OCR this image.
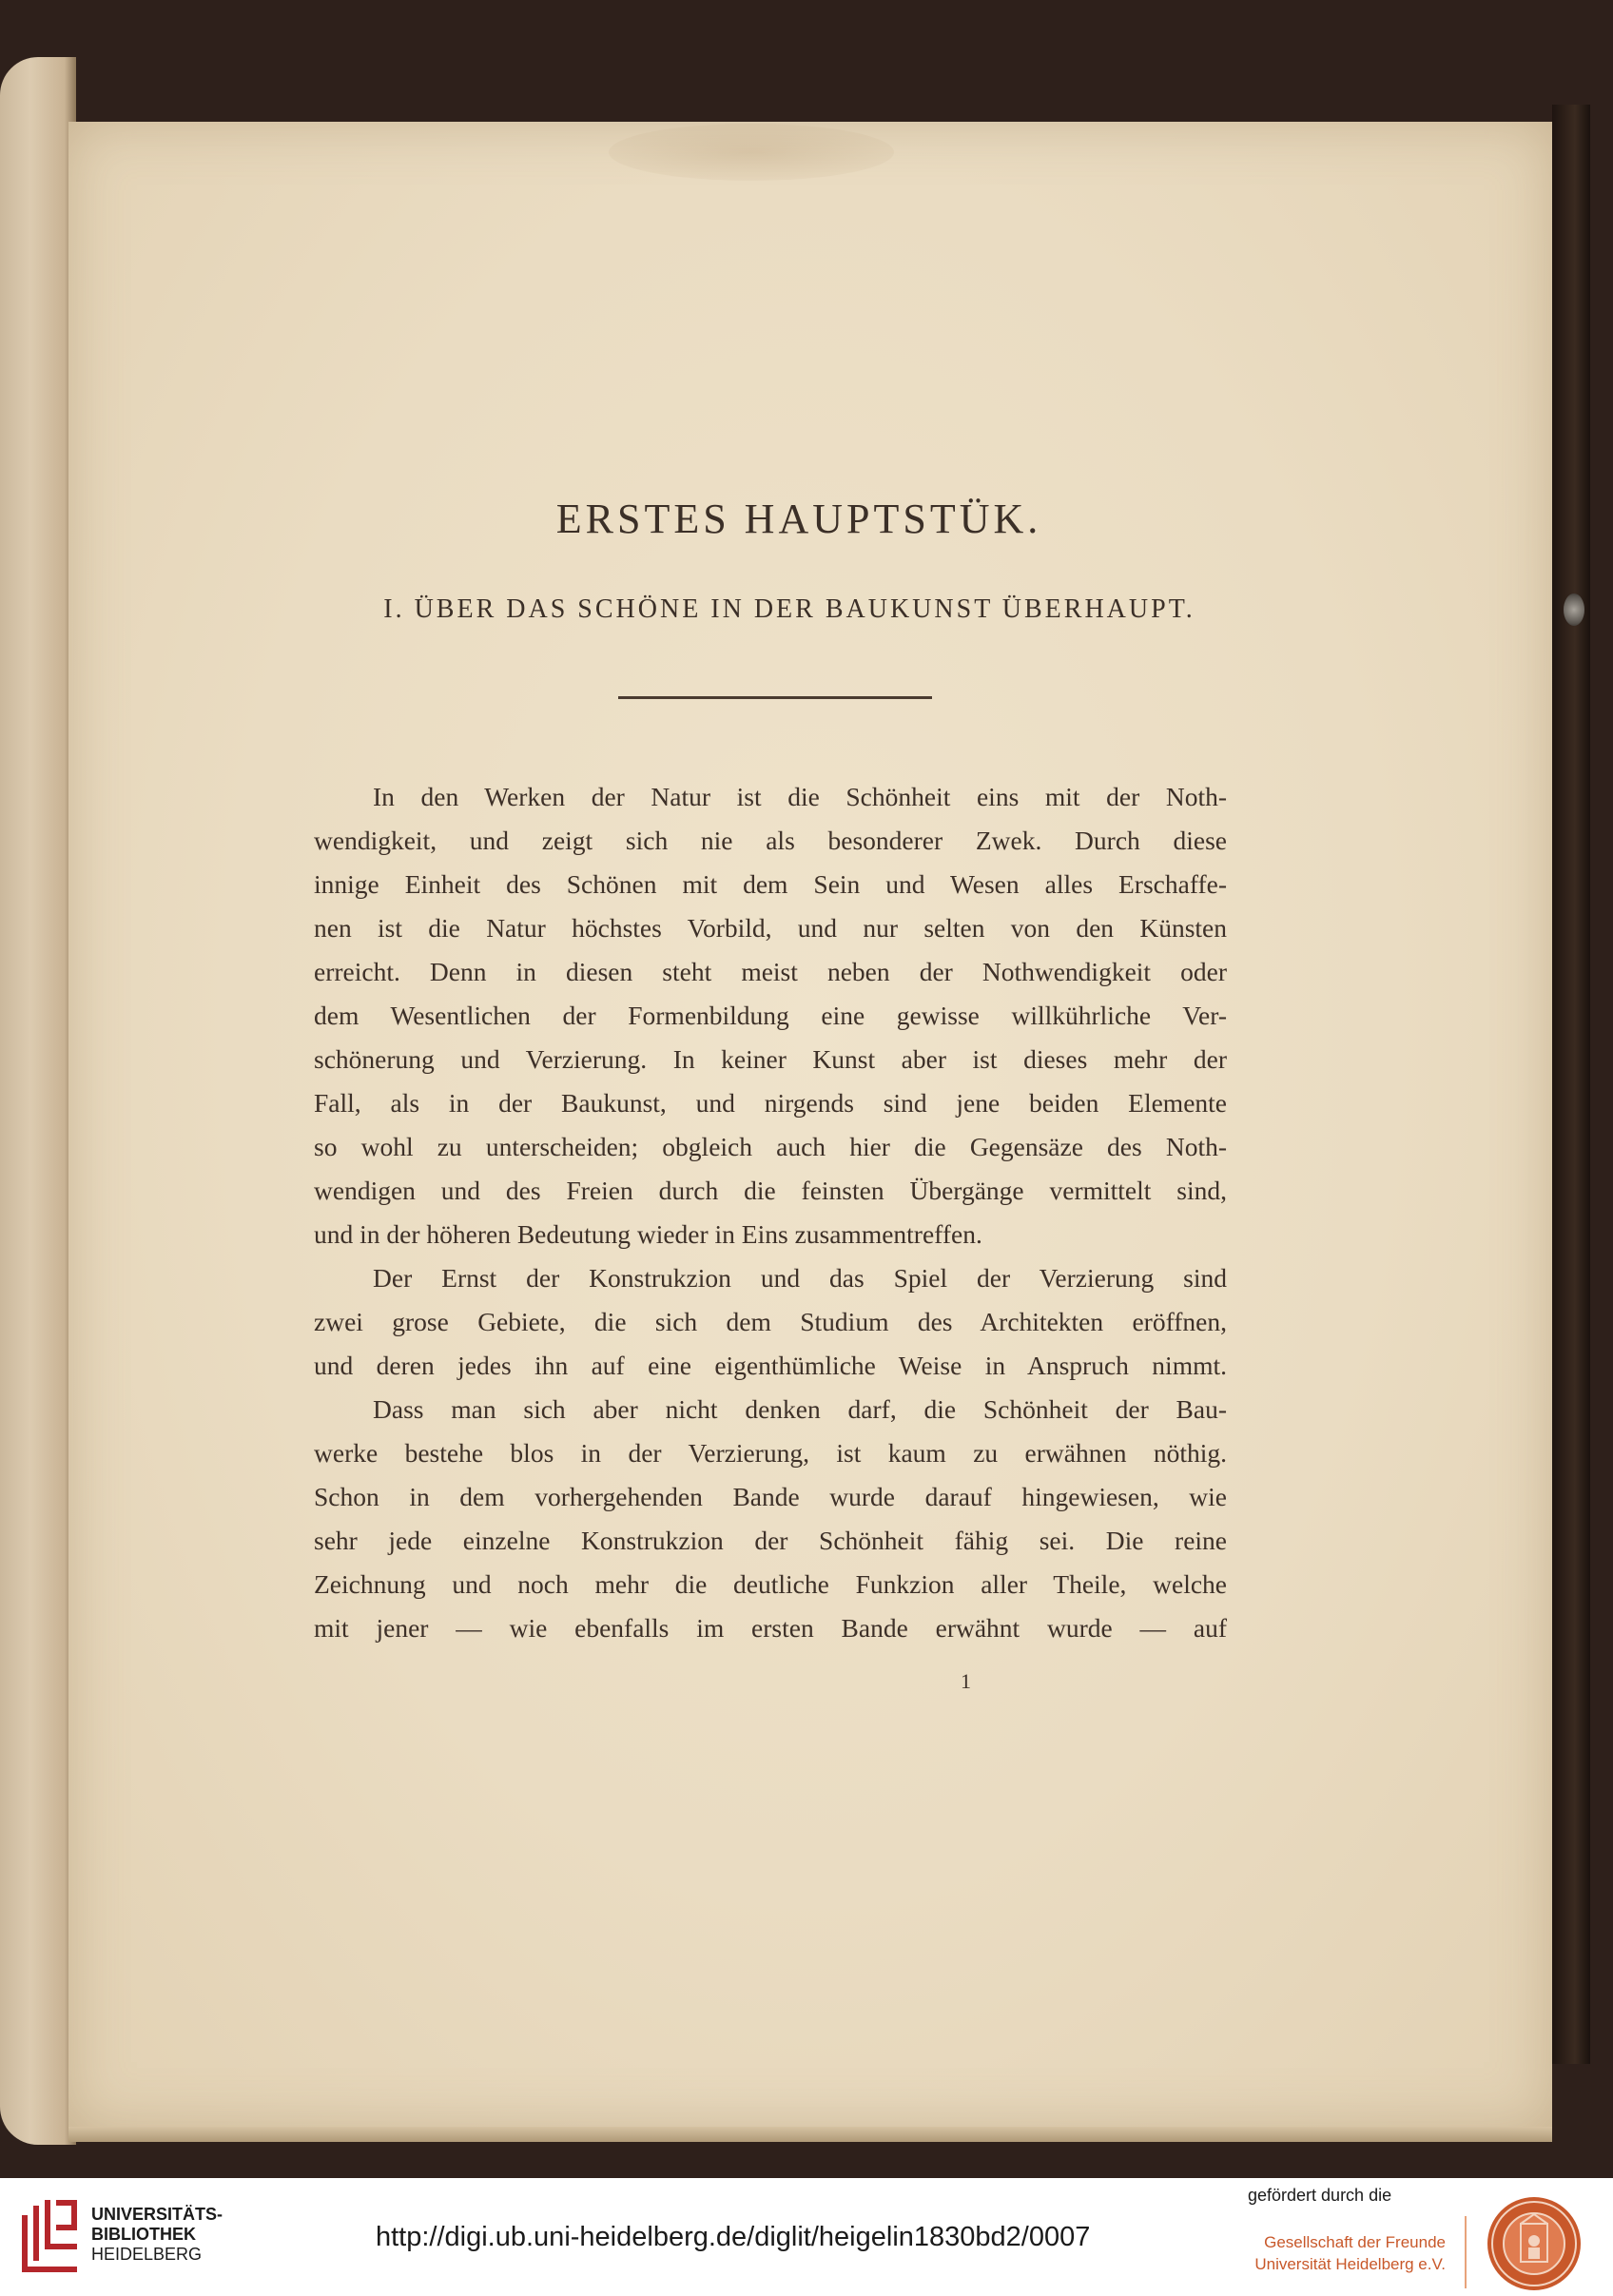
ERSTES HAUPTSTÜK.
I. ÜBER DAS SCHÖNE IN DER BAUKUNST ÜBERHAUPT.
In den Werken der Natur ist die Schönheit eins mit der Noth-
wendigkeit, und zeigt sich nie als besonderer Zwek. Durch diese
innige Einheit des Schönen mit dem Sein und Wesen alles Erschaffe-
nen ist die Natur höchstes Vorbild, und nur selten von den Künsten
erreicht. Denn in diesen steht meist neben der Nothwendigkeit oder
dem Wesentlichen der Formenbildung eine gewisse willkührliche Ver-
schönerung und Verzierung. In keiner Kunst aber ist dieses mehr der
Fall, als in der Baukunst, und nirgends sind jene beiden Elemente
so wohl zu unterscheiden; obgleich auch hier die Gegensäze des Noth-
wendigen und des Freien durch die feinsten Übergänge vermittelt sind,
und in der höheren Bedeutung wieder in Eins zusammentreffen.
Der Ernst der Konstrukzion und das Spiel der Verzierung sind
zwei grose Gebiete, die sich dem Studium des Architekten eröffnen,
und deren jedes ihn auf eine eigenthümliche Weise in Anspruch nimmt.
Dass man sich aber nicht denken darf, die Schönheit der Bau-
werke bestehe blos in der Verzierung, ist kaum zu erwähnen nöthig.
Schon in dem vorhergehenden Bande wurde darauf hingewiesen, wie
sehr jede einzelne Konstrukzion der Schönheit fähig sei. Die reine
Zeichnung und noch mehr die deutliche Funkzion aller Theile, welche
mit jener — wie ebenfalls im ersten Bande erwähnt wurde — auf
1
UNIVERSITÄTS-
BIBLIOTHEK
HEIDELBERG
http://digi.ub.uni-heidelberg.de/diglit/heigelin1830bd2/0007
gefördert durch die
Gesellschaft der Freunde
Universität Heidelberg e.V.
